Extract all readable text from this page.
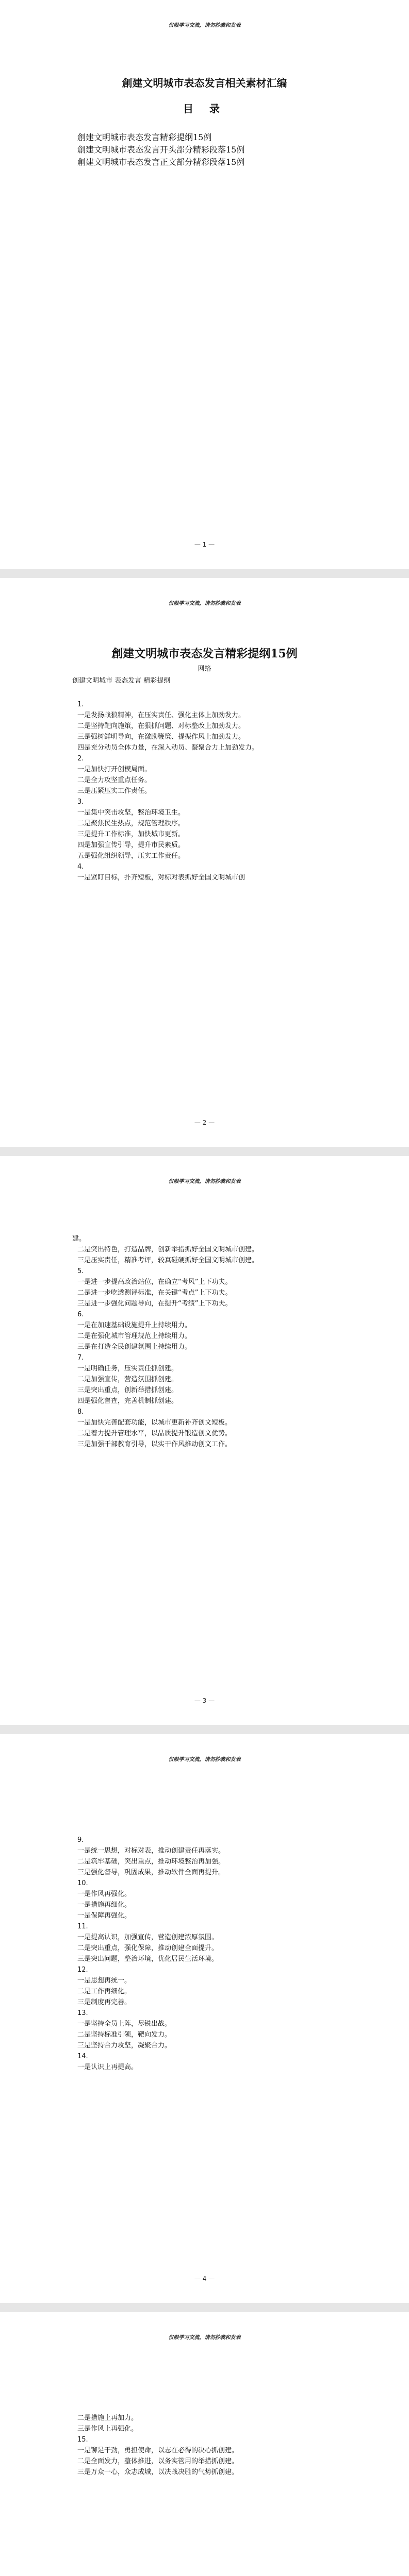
仅限学习交流，请勿抄袭和发表
創建文明城市表态发言相关素材汇编
目 录
創建文明城市表态发言精彩提纲15例
創建文明城市表态发言开头部分精彩段落15例
創建文明城市表态发言正文部分精彩段落15例
— 1 —
仅限学习交流，请勿抄袭和发表
創建文明城市表态发言精彩提纲15例
网络
创建文明城市 表态发言 精彩提纲
1.
一是发扬战狼精神，在压实责任、强化主体上加劲发力。
二是坚持靶向施策，在狠抓问题、对标整改上加劲发力。
三是强树鲜明导向，在激励鞭策、提振作风上加劲发力。
四是充分动员全体力量，在深入动员、凝聚合力上加劲发力。
2.
一是加快打开创模局面。
二是全力攻坚重点任务。
三是压紧压实工作责任。
3.
一是集中突击攻坚，整治环境卫生。
二是聚焦民生热点，规范管理秩序。
三是提升工作标准，加快城市更新。
四是加强宣传引导，提升市民素质。
五是强化组织领导，压实工作责任。
4.
一是紧盯目标，扑齐短板，对标对表抓好全国文明城市创
— 2 —
仅限学习交流，请勿抄袭和发表
建。
二是突出特色，打造品牌，创新举措抓好全国文明城市创建。
三是压实责任，精准考评，较真碰硬抓好全国文明城市创建。
5.
一是进一步提高政治站位，在确立“考风”上下功夫。
二是进一步吃透测评标准，在关键“考点”上下功夫。
三是进一步强化问题导向，在提升“考绩”上下功夫。
6.
一是在加速基础设施提升上持续用力。
二是在强化城市管理规范上持续用力。
三是在打造全民创建氛围上持续用力。
7.
一是明确任务，压实责任抓创建。
二是加强宣传，营造氛围抓创建。
三是突出重点，创新举措抓创建。
四是强化督查，完善机制抓创建。
8.
一是加快完善配套功能，以城市更新补齐创文短板。
二是着力提升管理水平，以品质提升锻造创文优势。
三是加强干部教育引导，以实干作风推动创文工作。
— 3 —
仅限学习交流，请勿抄袭和发表
9.
一是统一思想，对标对表，推动创建责任再落实。
二是筑牢基础，突出重点，推动环境整治再加强。
三是强化督导，巩固成果，推动软件全面再提升。
10.
一是作风再强化。
一是措施再细化。
一是保障再强化。
11.
一是提高认识，加强宣传，营造创建浓厚氛围。
二是突出重点，强化保障，推动创建全面提升。
三是突出问题，整治环境，优化居民生活环境。
12.
一是思想再统一。
二是工作再细化。
三是制度再完善。
13.
一是坚持全员上阵，尽锐出战。
二是坚持标准引领，靶向发力。
三是坚持合力攻坚，凝聚合力。
14.
一是认识上再提高。
— 4 —
仅限学习交流，请勿抄袭和发表
二是措施上再加力。
三是作风上再强化。
15.
一是铆足干劲，勇担使命，以志在必得的决心抓创建。
二是全面发力，整体推进，以务实管用的举措抓创建。
三是万众一心，众志成城，以决战决胜的气势抓创建。
